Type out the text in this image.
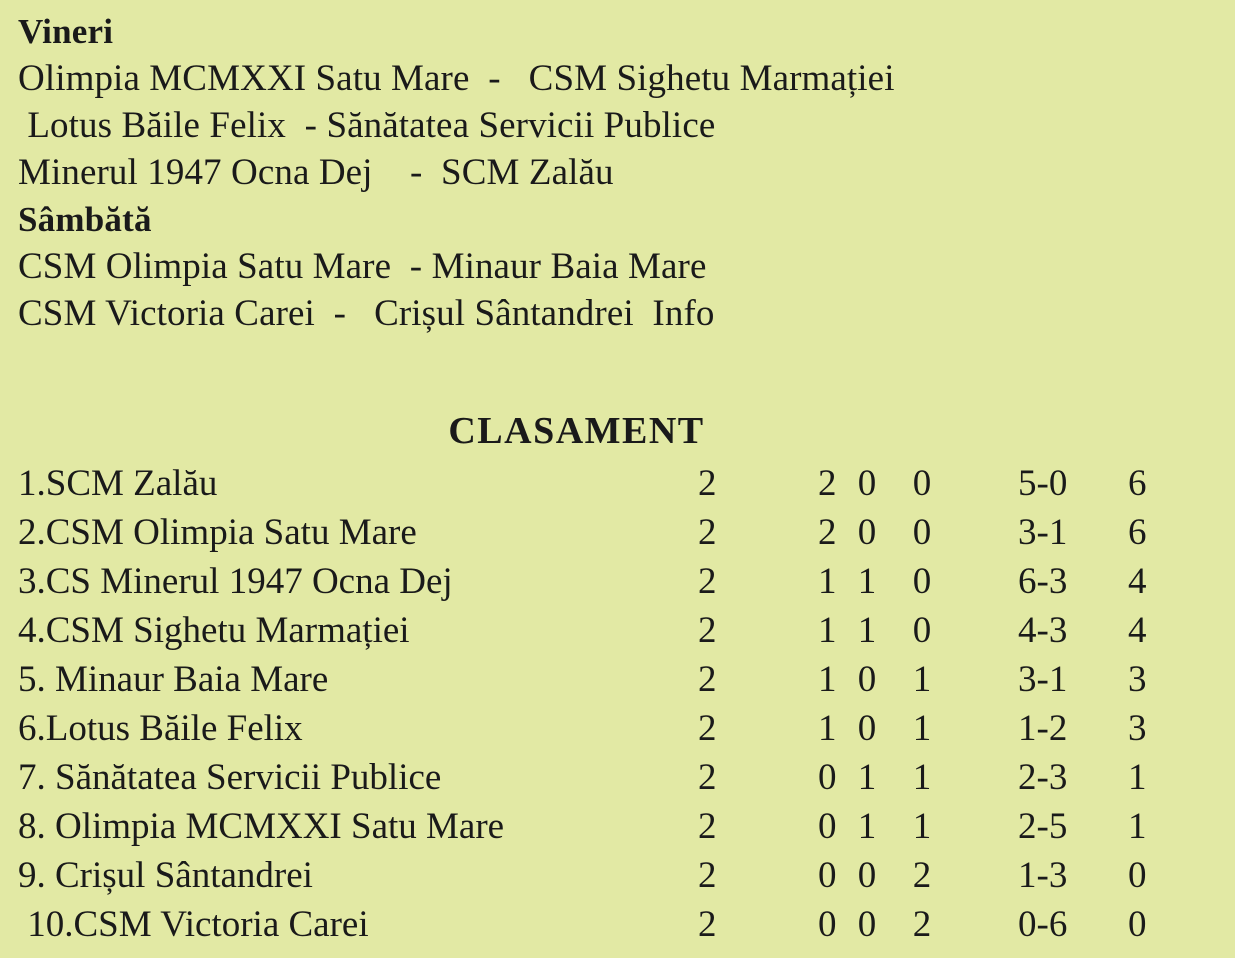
Vineri
Olimpia MCMXXI Satu Mare  -   CSM Sighetu Marmației
Lotus Băile Felix  - Sănătatea Servicii Publice
Minerul 1947 Ocna Dej    -  SCM Zalău
Sâmbătă
CSM Olimpia Satu Mare  - Minaur Baia Mare
CSM Victoria Carei  -   Crișul Sântandrei  Info
CLASAMENT
1.SCM Zalău	2	2 0  0	5-0	6
2.CSM Olimpia Satu Mare	2	2 0  0	3-1	6
3.CS Minerul 1947 Ocna Dej	2	1 1  0	6-3	4
4.CSM Sighetu Marmației	2	1 1  0	4-3	4
5. Minaur Baia Mare	2	1 0  1	3-1	3
6.Lotus Băile Felix	2	1 0  1	1-2	3
7. Sănătatea Servicii Publice	2	0 1  1	2-3	1
8. Olimpia MCMXXI Satu Mare	2	0 1  1	2-5	1
9. Crișul Sântandrei	2	0 0  2	1-3	0
10.CSM Victoria Carei	2	0 0  2	0-6	0
